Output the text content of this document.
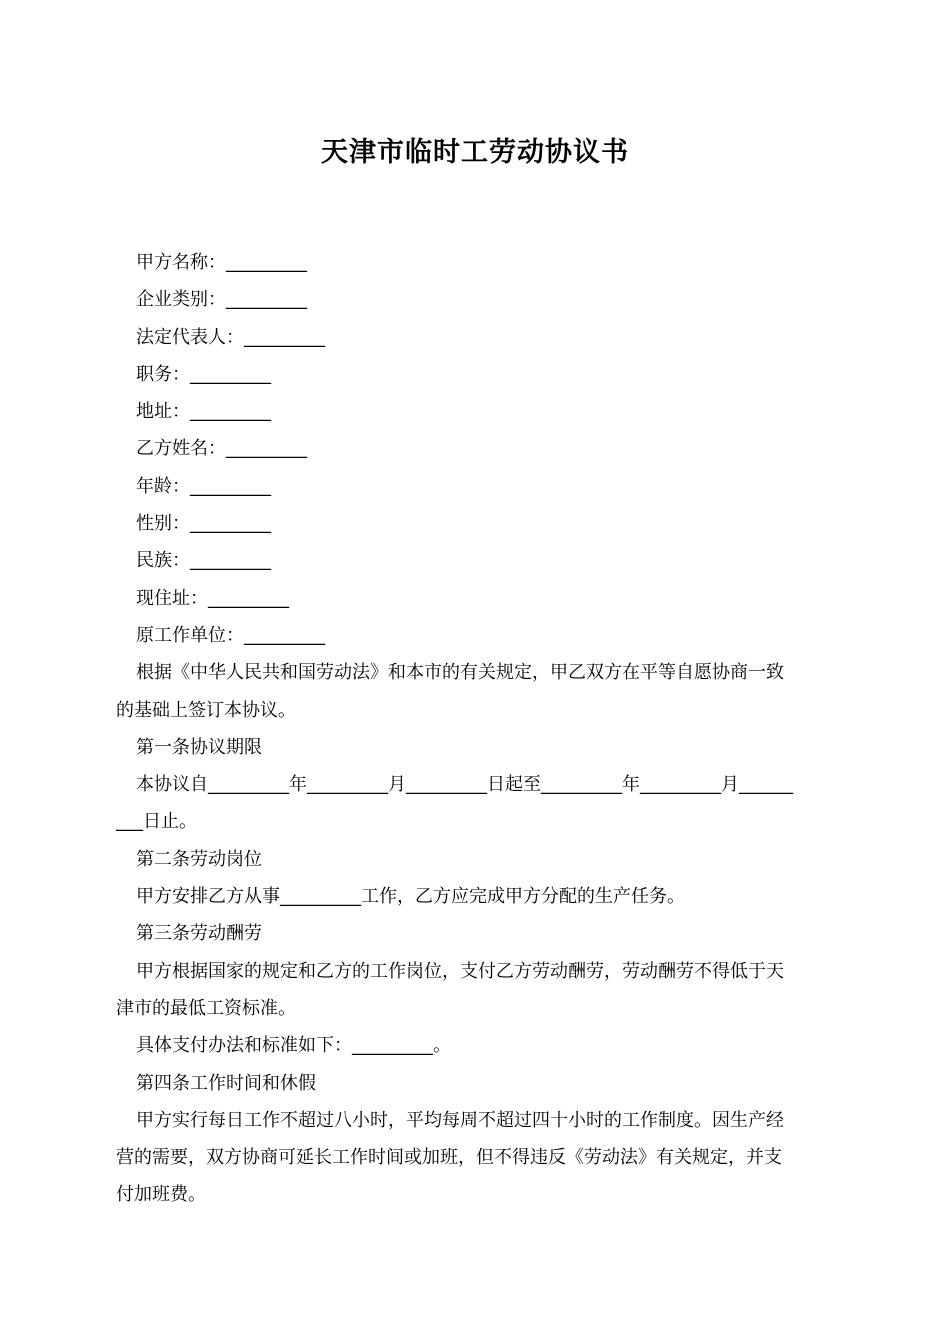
天津市临时工劳动协议书

甲方名称：_________

企业类别：_________

法定代表人：_________

职务：_________

地址：_________

乙方姓名：_________

年龄：_________

性别：_________

民族：_________

现住址：_________

原工作单位：_________

根据《中华人民共和国劳动法》和本市的有关规定，甲乙双方在平等自愿协商一致

的基础上签订本协议。

第一条协议期限

本协议自_________年_________月_________日起至_________年_________月______

___日止。

第二条劳动岗位

甲方安排乙方从事_________工作，乙方应完成甲方分配的生产任务。

第三条劳动酬劳

甲方根据国家的规定和乙方的工作岗位，支付乙方劳动酬劳，劳动酬劳不得低于天

津市的最低工资标准。

具体支付办法和标准如下：_________。

第四条工作时间和休假

甲方实行每日工作不超过八小时，平均每周不超过四十小时的工作制度。因生产经

营的需要，双方协商可延长工作时间或加班，但不得违反《劳动法》有关规定，并支

付加班费。
